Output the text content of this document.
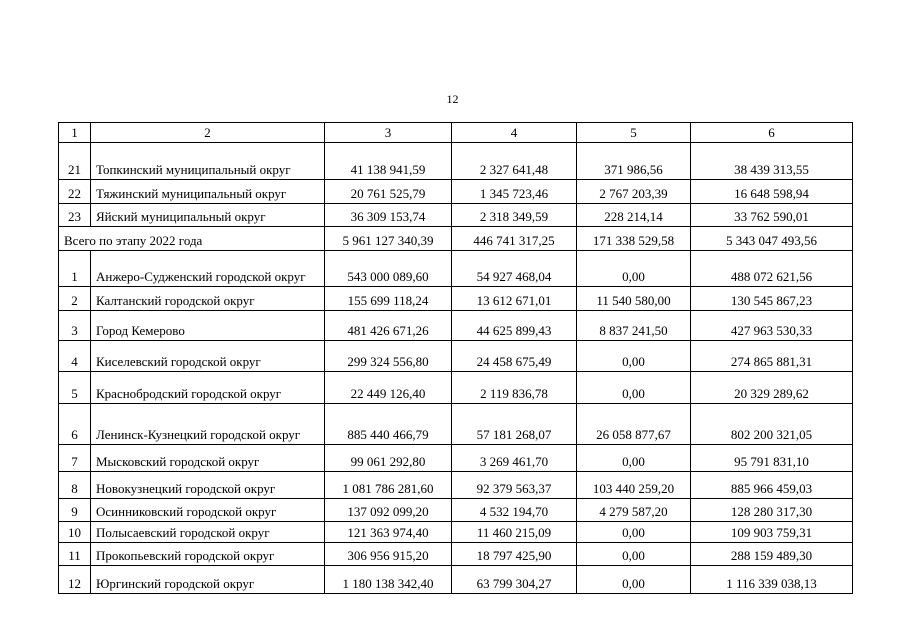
12
1	2	3	4	5	6
21	Топкинский муниципальный округ	41 138 941,59	2 327 641,48	371 986,56	38 439 313,55
22	Тяжинский муниципальный округ	20 761 525,79	1 345 723,46	2 767 203,39	16 648 598,94
23	Яйский муниципальный округ	36 309 153,74	2 318 349,59	228 214,14	33 762 590,01
Всего по этапу 2022 года		5 961 127 340,39	446 741 317,25	171 338 529,58	5 343 047 493,56
1	Анжеро-Судженский городской округ	543 000 089,60	54 927 468,04	0,00	488 072 621,56
2	Калтанский городской округ	155 699 118,24	13 612 671,01	11 540 580,00	130 545 867,23
3	Город Кемерово	481 426 671,26	44 625 899,43	8 837 241,50	427 963 530,33
4	Киселевский городской округ	299 324 556,80	24 458 675,49	0,00	274 865 881,31
5	Краснобродский городской округ	22 449 126,40	2 119 836,78	0,00	20 329 289,62
6	Ленинск-Кузнецкий городской округ	885 440 466,79	57 181 268,07	26 058 877,67	802 200 321,05
7	Мысковский городской округ	99 061 292,80	3 269 461,70	0,00	95 791 831,10
8	Новокузнецкий городской округ	1 081 786 281,60	92 379 563,37	103 440 259,20	885 966 459,03
9	Осинниковский городской округ	137 092 099,20	4 532 194,70	4 279 587,20	128 280 317,30
10	Полысаевский городской округ	121 363 974,40	11 460 215,09	0,00	109 903 759,31
11	Прокопьевский городской округ	306 956 915,20	18 797 425,90	0,00	288 159 489,30
12	Юргинский городской округ	1 180 138 342,40	63 799 304,27	0,00	1 116 339 038,13
